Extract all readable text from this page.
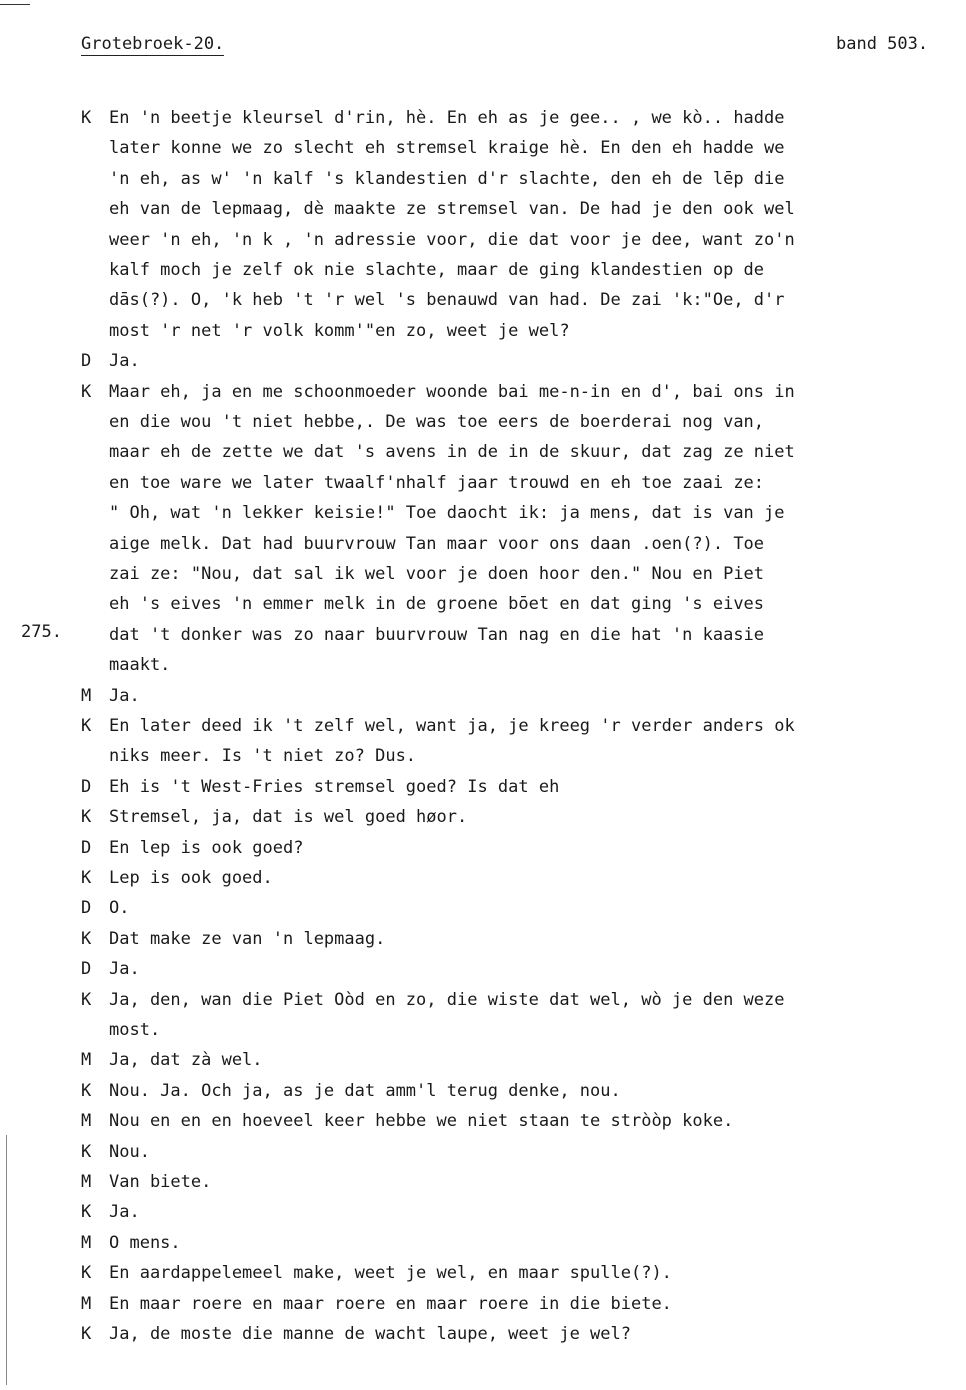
Grotebroek-20.	band 503.
275.
K	En 'n beetje kleursel d'rin, hè. En eh as je gee.. , we kò.. hadde
later konne we zo slecht eh stremsel kraige hè. En den eh hadde we
'n eh, as w' 'n kalf 's klandestien d'r slachte, den eh de lēp die
eh van de lepmaag, dè maakte ze stremsel van. De had je den ook wel
weer 'n eh, 'n k , 'n adressie voor, die dat voor je dee, want zo'n
kalf moch je zelf ok nie slachte, maar de ging klandestien op de
dās(?). O, 'k heb 't 'r wel 's benauwd van had. De zai 'k:"Oe, d'r
most 'r net 'r volk komm'"en zo, weet je wel?
D	Ja.
K	Maar eh, ja en me schoonmoeder woonde bai me-n-in en d', bai ons in
en die wou 't niet hebbe,. De was toe eers de boerderai nog van,
maar eh de zette we dat 's avens in de in de skuur, dat zag ze niet
en toe ware we later twaalf'nhalf jaar trouwd en eh toe zaai ze:
" Oh, wat 'n lekker keisie!" Toe daocht ik: ja mens, dat is van je
aige melk. Dat had buurvrouw Tan maar voor ons daan .oen(?). Toe
zai ze: "Nou, dat sal ik wel voor je doen hoor den." Nou en Piet
eh 's eives 'n emmer melk in de groene bōet en dat ging 's eives
dat 't donker was zo naar buurvrouw Tan nag en die hat 'n kaasie
maakt.
M	Ja.
K	En later deed ik 't zelf wel, want ja, je kreeg 'r verder anders ok
niks meer. Is 't niet zo? Dus.
D	Eh is 't West-Fries stremsel goed? Is dat eh
K	Stremsel, ja, dat is wel goed høor.
D	En lep is ook goed?
K	Lep is ook goed.
D	O.
K	Dat make ze van 'n lepmaag.
D	Ja.
K	Ja, den, wan die Piet Oòd en zo, die wiste dat wel, wò je den weze
most.
M	Ja, dat zà wel.
K	Nou. Ja. Och ja, as je dat amm'l terug denke, nou.
M	Nou en en en hoeveel keer hebbe we niet staan te stròòp koke.
K	Nou.
M	Van biete.
K	Ja.
M	O mens.
K	En aardappelemeel make, weet je wel, en maar spulle(?).
M	En maar roere en maar roere en maar roere in die biete.
K	Ja, de moste die manne de wacht laupe, weet je wel?
